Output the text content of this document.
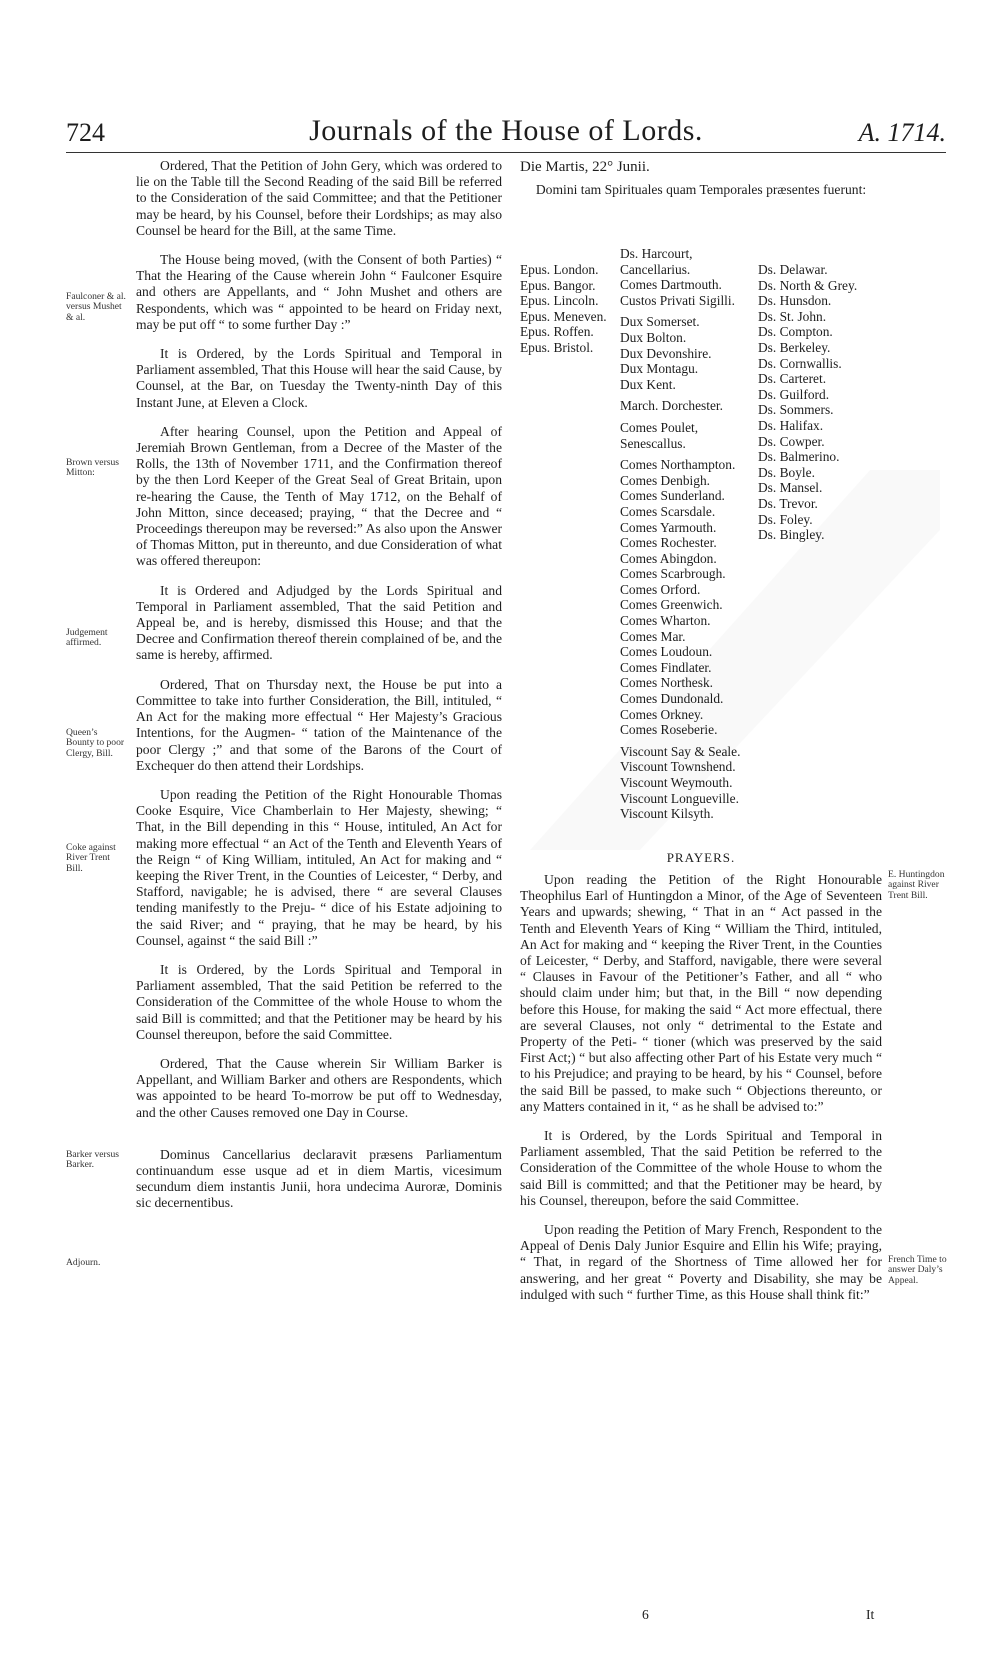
724	Journals of the House of Lords.	A. 1714.

Ordered, That the Petition of John Gery, which was ordered to lie on the Table till the Second Reading of the said Bill be referred to the Consideration of the said Committee; and that the Petitioner may be heard, by his Counsel, before their Lordships; as may also Counsel be heard for the Bill, at the same Time.

The House being moved, (with the Consent of both Parties) “ That the Hearing of the Cause wherein John “ Faulconer Esquire and others are Appellants, and “ John Mushet and others are Respondents, which was “ appointed to be heard on Friday next, may be put off “ to some further Day :”

It is Ordered, by the Lords Spiritual and Temporal in Parliament assembled, That this House will hear the said Cause, by Counsel, at the Bar, on Tuesday the Twenty-ninth Day of this Instant June, at Eleven a Clock.

After hearing Counsel, upon the Petition and Appeal of Jeremiah Brown Gentleman, from a Decree of the Master of the Rolls, the 13th of November 1711, and the Confirmation thereof by the then Lord Keeper of the Great Seal of Great Britain, upon re-hearing the Cause, the Tenth of May 1712, on the Behalf of John Mitton, since deceased; praying, “ that the Decree and “ Proceedings thereupon may be reversed:” As also upon the Answer of Thomas Mitton, put in thereunto, and due Consideration of what was offered thereupon:

It is Ordered and Adjudged by the Lords Spiritual and Temporal in Parliament assembled, That the said Petition and Appeal be, and is hereby, dismissed this House; and that the Decree and Confirmation thereof therein complained of be, and the same is hereby, affirmed.

Ordered, That on Thursday next, the House be put into a Committee to take into further Consideration, the Bill, intituled, “ An Act for the making more effectual “ Her Majesty’s Gracious Intentions, for the Augmen- “ tation of the Maintenance of the poor Clergy ;” and that some of the Barons of the Court of Exchequer do then attend their Lordships.

Upon reading the Petition of the Right Honourable Thomas Cooke Esquire, Vice Chamberlain to Her Majesty, shewing; “ That, in the Bill depending in this “ House, intituled, An Act for making more effectual “ an Act of the Tenth and Eleventh Years of the Reign “ of King William, intituled, An Act for making and “ keeping the River Trent, in the Counties of Leicester, “ Derby, and Stafford, navigable; he is advised, there “ are several Clauses tending manifestly to the Preju- “ dice of his Estate adjoining to the said River; and “ praying, that he may be heard, by his Counsel, against “ the said Bill :”

It is Ordered, by the Lords Spiritual and Temporal in Parliament assembled, That the said Petition be referred to the Consideration of the Committee of the whole House to whom the said Bill is committed; and that the Petitioner may be heard by his Counsel thereupon, before the said Committee.

Ordered, That the Cause wherein Sir William Barker is Appellant, and William Barker and others are Respondents, which was appointed to be heard To-morrow be put off to Wednesday, and the other Causes removed one Day in Course.

Dominus Cancellarius declaravit præsens Parliamentum continuandum esse usque ad et in diem Martis, vicesimum secundum diem instantis Junii, hora undecima Auroræ, Dominis sic decernentibus.

Faulconer & al. versus Mushet & al.
Brown versus Mitton:
Judgement affirmed.
Queen’s Bounty to poor Clergy, Bill.
Coke against River Trent Bill.
Barker versus Barker.
Adjourn.

Die Martis, 22° Junii.

Domini tam Spirituales quam Temporales præsentes fuerunt:

Epus. London.
Epus. Bangor.
Epus. Lincoln.
Epus. Meneven.
Epus. Roffen.
Epus. Bristol.
Ds. Harcourt, Cancellarius.
Comes Dartmouth. Custos Privati Sigilli.
Dux Somerset.
Dux Bolton.
Dux Devonshire.
Dux Montagu.
Dux Kent.
March. Dorchester.
Comes Poulet, Senescallus.
Comes Northampton.
Comes Denbigh.
Comes Sunderland.
Comes Scarsdale.
Comes Yarmouth.
Comes Rochester.
Comes Abingdon.
Comes Scarbrough.
Comes Orford.
Comes Greenwich.
Comes Wharton.
Comes Mar.
Comes Loudoun.
Comes Findlater.
Comes Northesk.
Comes Dundonald.
Comes Orkney.
Comes Roseberie.
Viscount Say & Seale.
Viscount Townshend.
Viscount Weymouth.
Viscount Longueville.
Viscount Kilsyth.
Ds. Delawar.
Ds. North & Grey.
Ds. Hunsdon.
Ds. St. John.
Ds. Compton.
Ds. Berkeley.
Ds. Cornwallis.
Ds. Carteret.
Ds. Guilford.
Ds. Sommers.
Ds. Halifax.
Ds. Cowper.
Ds. Balmerino.
Ds. Boyle.
Ds. Mansel.
Ds. Trevor.
Ds. Foley.
Ds. Bingley.
PRAYERS.

Upon reading the Petition of the Right Honourable Theophilus Earl of Huntingdon a Minor, of the Age of Seventeen Years and upwards; shewing, “ That in an “ Act passed in the Tenth and Eleventh Years of King “ William the Third, intituled, An Act for making and “ keeping the River Trent, in the Counties of Leicester, “ Derby, and Stafford, navigable, there were several “ Clauses in Favour of the Petitioner’s Father, and all “ who should claim under him; but that, in the Bill “ now depending before this House, for making the said “ Act more effectual, there are several Clauses, not only “ detrimental to the Estate and Property of the Peti- “ tioner (which was preserved by the said First Act;) “ but also affecting other Part of his Estate very much “ to his Prejudice; and praying to be heard, by his “ Counsel, before the said Bill be passed, to make such “ Objections thereunto, or any Matters contained in it, “ as he shall be advised to:”

It is Ordered, by the Lords Spiritual and Temporal in Parliament assembled, That the said Petition be referred to the Consideration of the Committee of the whole House to whom the said Bill is committed; and that the Petitioner may be heard, by his Counsel, thereupon, before the said Committee.

Upon reading the Petition of Mary French, Respondent to the Appeal of Denis Daly Junior Esquire and Ellin his Wife; praying, “ That, in regard of the Shortness of Time allowed her for answering, and her great “ Poverty and Disability, she may be indulged with such “ further Time, as this House shall think fit:”

E. Huntingdon against River Trent Bill.
French Time to answer Daly’s Appeal.
6	It
